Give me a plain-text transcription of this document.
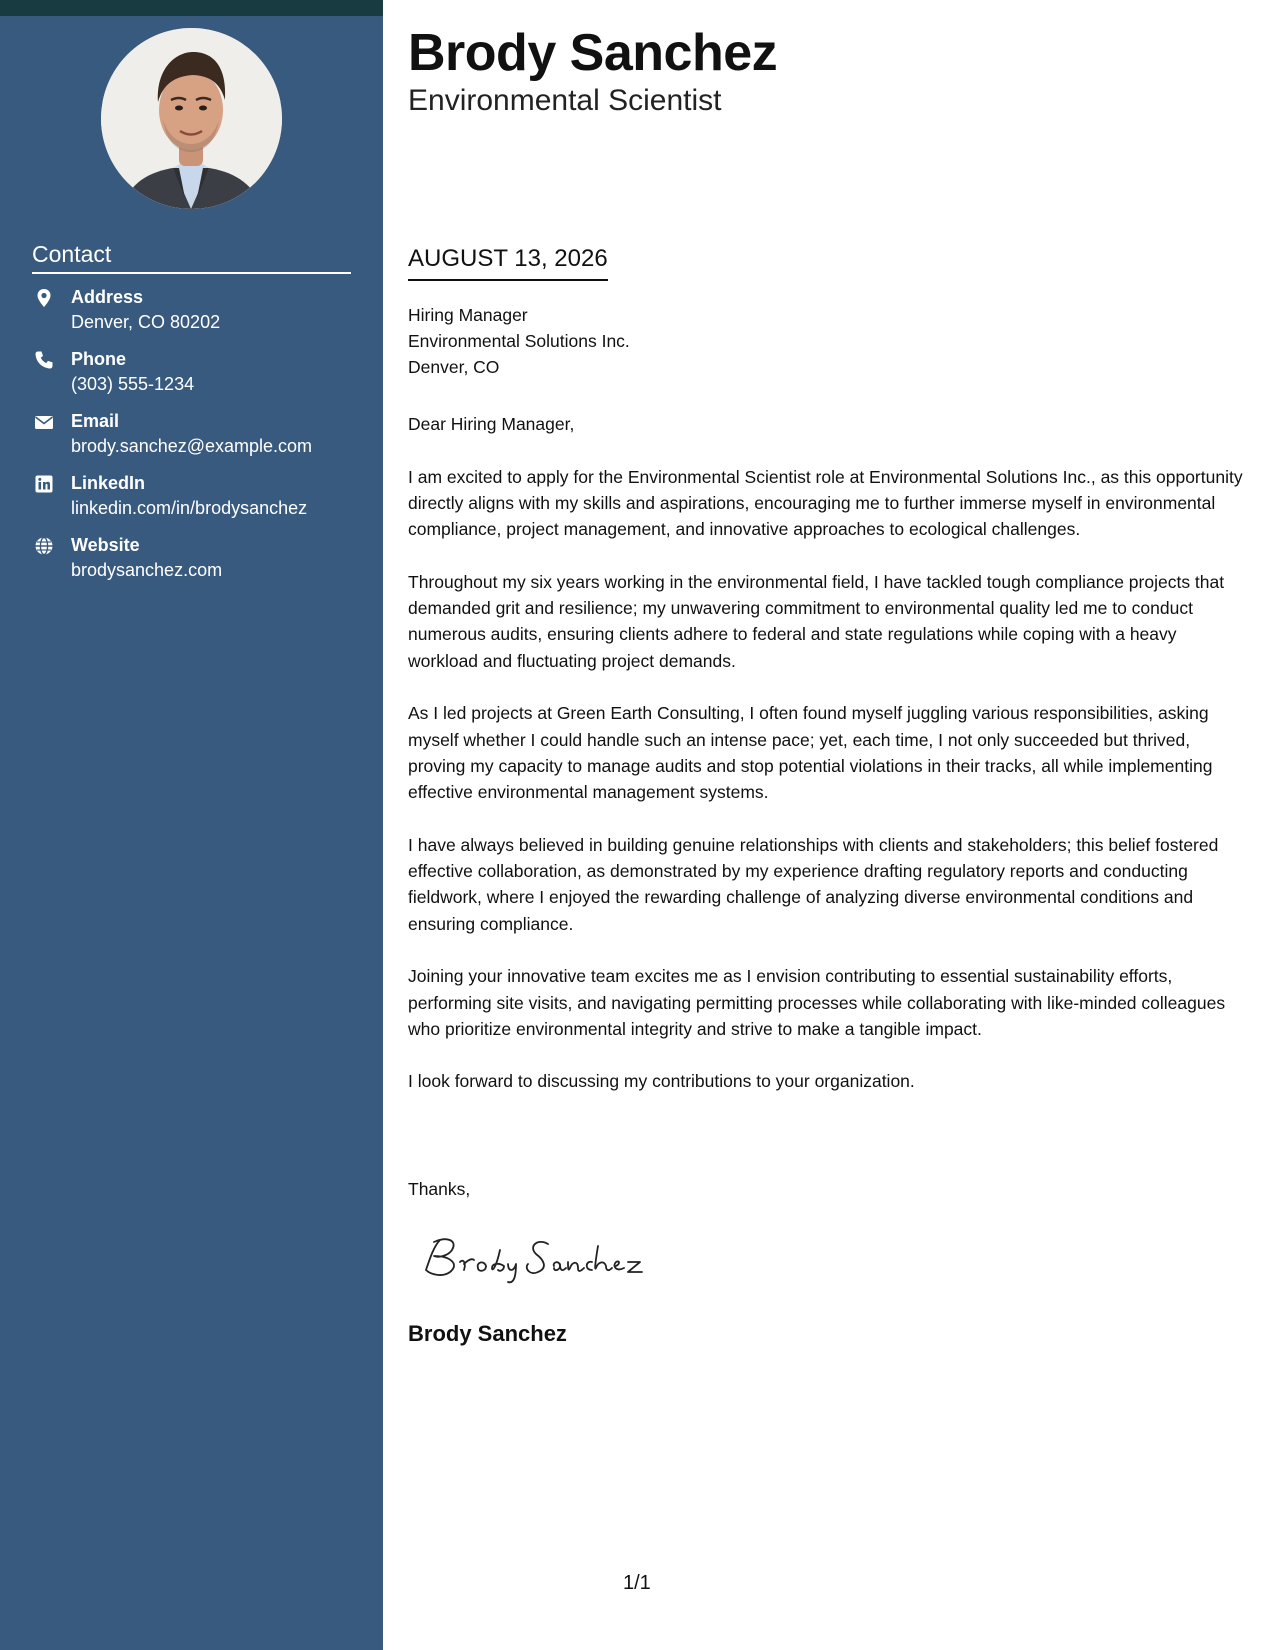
Contact
Address
Denver, CO 80202
Phone
(303) 555-1234
Email
brody.sanchez@example.com
LinkedIn
linkedin.com/in/brodysanchez
Website
brodysanchez.com
Brody Sanchez
Environmental Scientist
AUGUST 13, 2026
Hiring Manager
Environmental Solutions Inc.
Denver, CO

Dear Hiring Manager,

I am excited to apply for the Environmental Scientist role at Environmental Solutions Inc., as this opportunity directly aligns with my skills and aspirations, encouraging me to further immerse myself in environmental compliance, project management, and innovative approaches to ecological challenges.

Throughout my six years working in the environmental field, I have tackled tough compliance projects that demanded grit and resilience; my unwavering commitment to environmental quality led me to conduct numerous audits, ensuring clients adhere to federal and state regulations while coping with a heavy workload and fluctuating project demands.

As I led projects at Green Earth Consulting, I often found myself juggling various responsibilities, asking myself whether I could handle such an intense pace; yet, each time, I not only succeeded but thrived, proving my capacity to manage audits and stop potential violations in their tracks, all while implementing effective environmental management systems.

I have always believed in building genuine relationships with clients and stakeholders; this belief fostered effective collaboration, as demonstrated by my experience drafting regulatory reports and conducting fieldwork, where I enjoyed the rewarding challenge of analyzing diverse environmental conditions and ensuring compliance.

Joining your innovative team excites me as I envision contributing to essential sustainability efforts, performing site visits, and navigating permitting processes while collaborating with like-minded colleagues who prioritize environmental integrity and strive to make a tangible impact.

I look forward to discussing my contributions to your organization.

Thanks,
Brody Sanchez
1/1
